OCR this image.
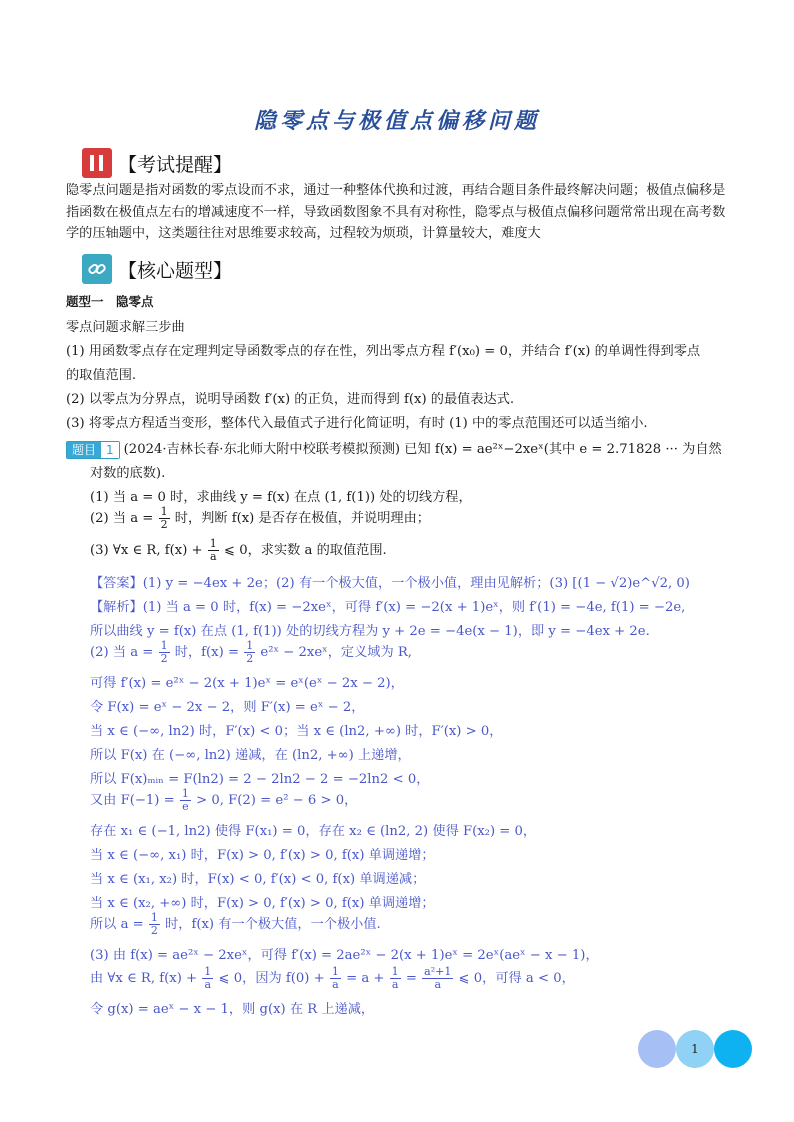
隐零点与极值点偏移问题
【考试提醒】
隐零点问题是指对函数的零点设而不求，通过一种整体代换和过渡，再结合题目条件最终解决问题；极值点偏移是指函数在极值点左右的增减速度不一样，导致函数图象不具有对称性，隐零点与极值点偏移问题常常出现在高考数学的压轴题中，这类题往往对思维要求较高，过程较为烦琐，计算量较大，难度大
【核心题型】
题型一　隐零点
零点问题求解三步曲
(1) 用函数零点存在定理判定导函数零点的存在性，列出零点方程 f′(x₀) = 0，并结合 f′(x) 的单调性得到零点
的取值范围.
(2) 以零点为分界点，说明导函数 f′(x) 的正负，进而得到 f(x) 的最值表达式.
(3) 将零点方程适当变形，整体代入最值式子进行化简证明，有时 (1) 中的零点范围还可以适当缩小.
题目 1 (2024·吉林长春·东北师大附中校联考模拟预测) 已知 f(x) = ae²ˣ−2xeˣ(其中 e = 2.71828 ··· 为自然
对数的底数).
(1) 当 a = 0 时，求曲线 y = f(x) 在点 (1, f(1)) 处的切线方程，
(2) 当 $a = \frac{1}{2}$ 时，判断 f(x) 是否存在极值，并说明理由；
(3) ∀x ∈ R, $f(x) + \frac{1}{a}$ ⩽ 0，求实数 a 的取值范围.
【答案】(1) y = −4ex + 2e；(2) 有一个极大值，一个极小值，理由见解析；(3) [(1 − √2)e^√2, 0)
【解析】(1) 当 a = 0 时，f(x) = −2xeˣ，可得 f′(x) = −2(x + 1)eˣ，则 f′(1) = −4e, f(1) = −2e,
所以曲线 y = f(x) 在点 (1, f(1)) 处的切线方程为 y + 2e = −4e(x − 1)，即 y = −4ex + 2e.
(2) 当 $a = \frac{1}{2}$ 时，$f(x) = \frac{1}{2}$ e²ˣ − 2xeˣ，定义域为 R,
可得 f′(x) = e²ˣ − 2(x + 1)eˣ = eˣ(eˣ − 2x − 2)，
令 F(x) = eˣ − 2x − 2，则 F′(x) = eˣ − 2，
当 x ∈ (−∞, ln2) 时，F′(x) < 0；当 x ∈ (ln2, +∞) 时，F′(x) > 0，
所以 F(x) 在 (−∞, ln2) 递减，在 (ln2, +∞) 上递增，
所以 F(x)ₘᵢₙ = F(ln2) = 2 − 2ln2 − 2 = −2ln2 < 0，
又由 $F(-1) = \frac{1}{e} > 0$, F(2) = e² − 6 > 0，
存在 x₁ ∈ (−1, ln2) 使得 F(x₁) = 0，存在 x₂ ∈ (ln2, 2) 使得 F(x₂) = 0，
当 x ∈ (−∞, x₁) 时，F(x) > 0, f′(x) > 0, f(x) 单调递增；
当 x ∈ (x₁, x₂) 时，F(x) < 0, f′(x) < 0, f(x) 单调递减；
当 x ∈ (x₂, +∞) 时，F(x) > 0, f′(x) > 0, f(x) 单调递增；
所以 $a = \frac{1}{2}$ 时，f(x) 有一个极大值，一个极小值.
(3) 由 f(x) = ae²ˣ − 2xeˣ，可得 f′(x) = 2ae²ˣ − 2(x + 1)eˣ = 2eˣ(aeˣ − x − 1)，
由 ∀x ∈ R, $f(x) + \frac{1}{a}$ ⩽ 0，因为 $f(0) + \frac{1}{a} = a + \frac{1}{a} = \frac{\text{a²+1}}{a}$ ⩽ 0，可得 a < 0，
令 g(x) = aeˣ − x − 1，则 g(x) 在 R 上递减，
1
